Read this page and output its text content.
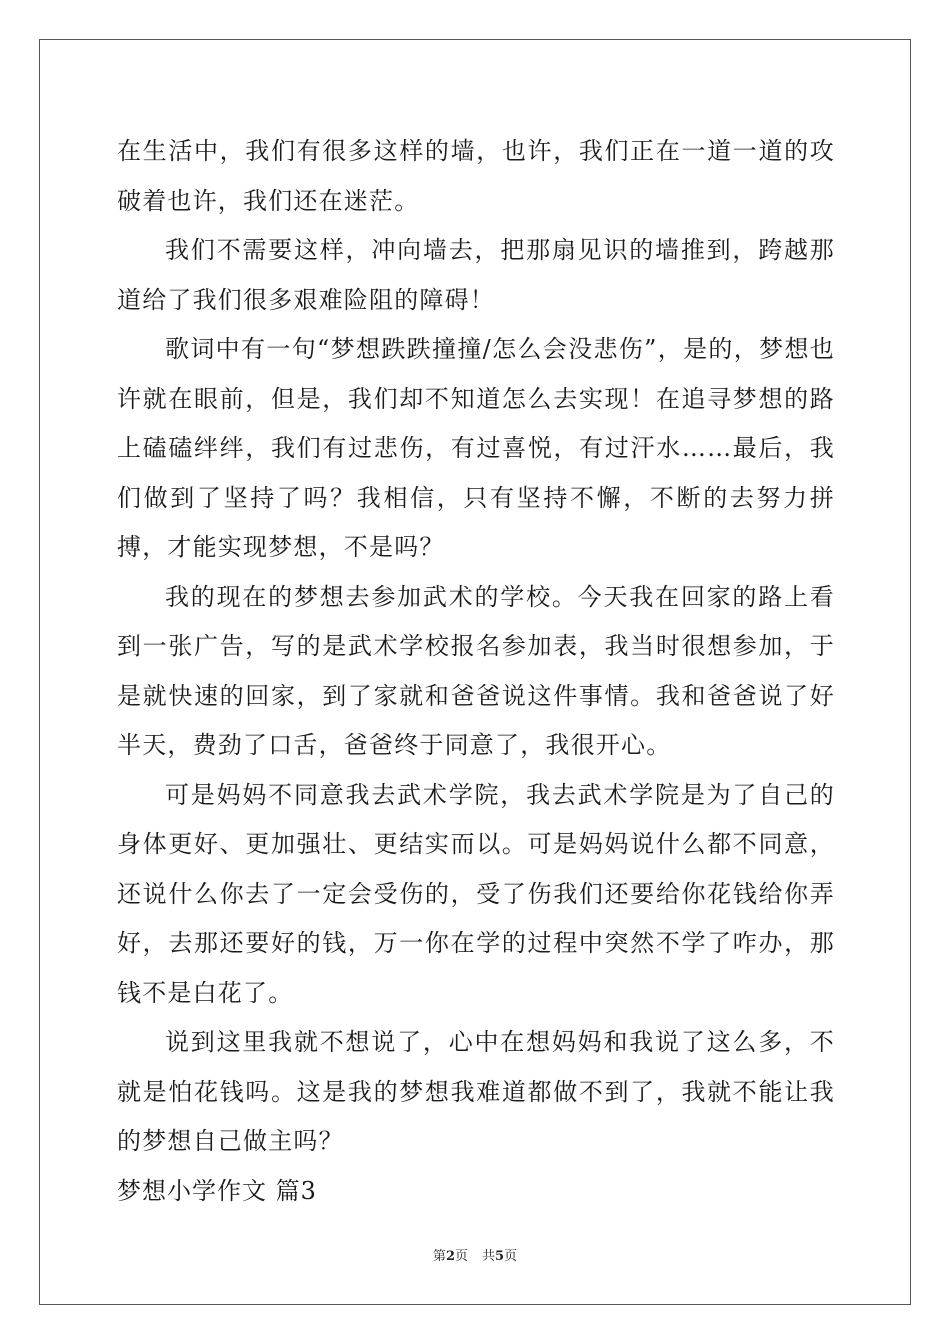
在生活中，我们有很多这样的墙，也许，我们正在一道一道的攻破着也许，我们还在迷茫。

我们不需要这样，冲向墙去，把那扇见识的墙推到，跨越那道给了我们很多艰难险阻的障碍！

歌词中有一句“梦想跌跌撞撞/怎么会没悲伤”，是的，梦想也许就在眼前，但是，我们却不知道怎么去实现！在追寻梦想的路上磕磕绊绊，我们有过悲伤，有过喜悦，有过汗水……最后，我们做到了坚持了吗？我相信，只有坚持不懈，不断的去努力拼搏，才能实现梦想，不是吗？

我的现在的梦想去参加武术的学校。今天我在回家的路上看到一张广告，写的是武术学校报名参加表，我当时很想参加，于是就快速的回家，到了家就和爸爸说这件事情。我和爸爸说了好半天，费劲了口舌，爸爸终于同意了，我很开心。

可是妈妈不同意我去武术学院，我去武术学院是为了自己的身体更好、更加强壮、更结实而以。可是妈妈说什么都不同意，还说什么你去了一定会受伤的，受了伤我们还要给你花钱给你弄好，去那还要好的钱，万一你在学的过程中突然不学了咋办，那钱不是白花了。

说到这里我就不想说了，心中在想妈妈和我说了这么多，不就是怕花钱吗。这是我的梦想我难道都做不到了，我就不能让我的梦想自己做主吗？

梦想小学作文 篇3

第2页 共5页
